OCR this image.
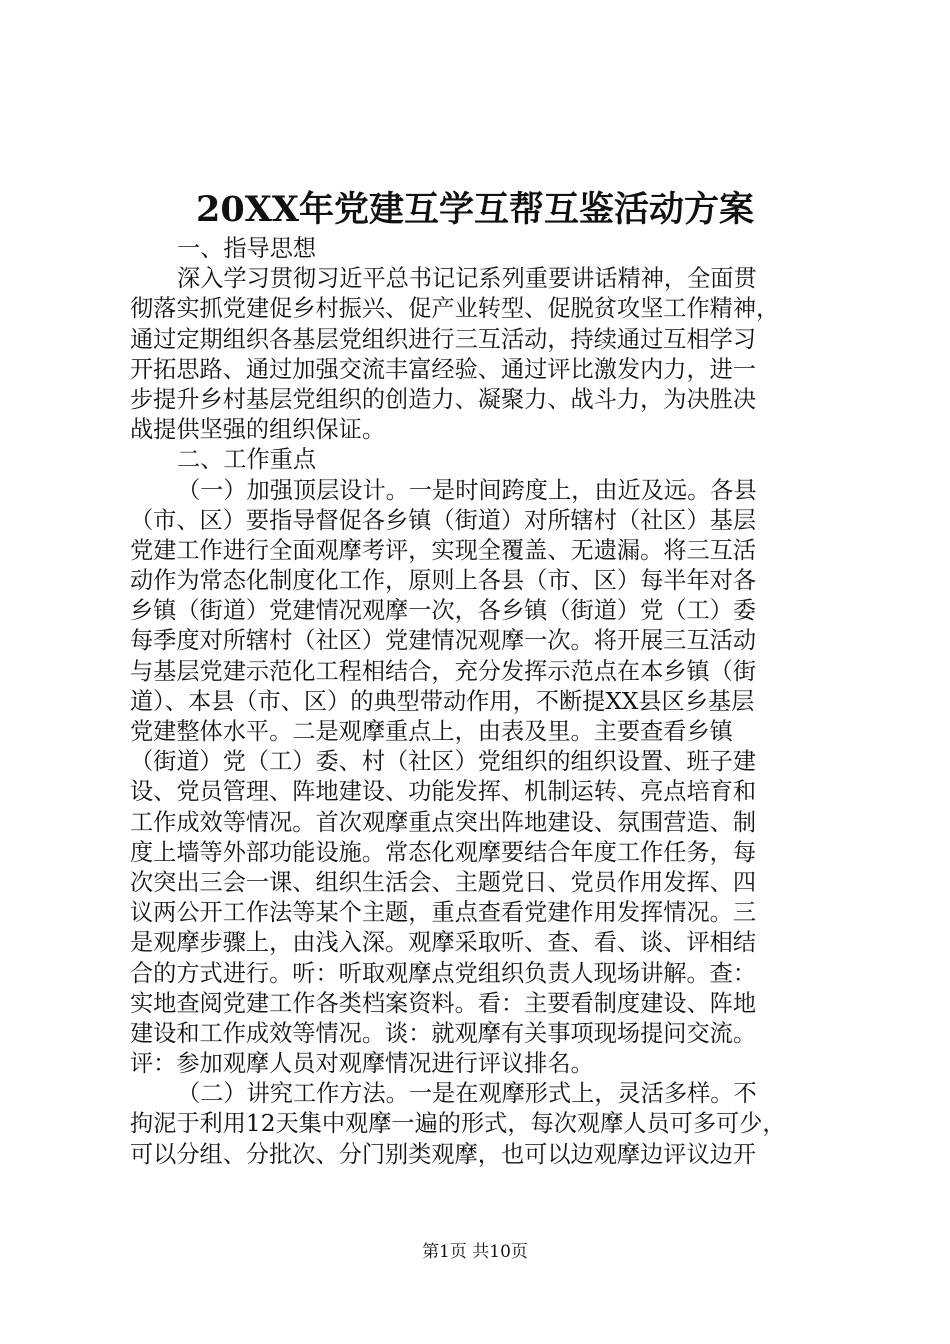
20XX年党建互学互帮互鉴活动方案
一、指导思想
深入学习贯彻习近平总书记记系列重要讲话精神，全面贯
彻落实抓党建促乡村振兴、促产业转型、促脱贫攻坚工作精神，
通过定期组织各基层党组织进行三互活动，持续通过互相学习
开拓思路、通过加强交流丰富经验、通过评比激发内力，进一
步提升乡村基层党组织的创造力、凝聚力、战斗力，为决胜决
战提供坚强的组织保证。
二、工作重点
（一）加强顶层设计。一是时间跨度上，由近及远。各县
（市、区）要指导督促各乡镇（街道）对所辖村（社区）基层
党建工作进行全面观摩考评，实现全覆盖、无遗漏。将三互活
动作为常态化制度化工作，原则上各县（市、区）每半年对各
乡镇（街道）党建情况观摩一次，各乡镇（街道）党（工）委
每季度对所辖村（社区）党建情况观摩一次。将开展三互活动
与基层党建示范化工程相结合，充分发挥示范点在本乡镇（街
道）、本县（市、区）的典型带动作用，不断提XX县区乡基层
党建整体水平。二是观摩重点上，由表及里。主要查看乡镇
（街道）党（工）委、村（社区）党组织的组织设置、班子建
设、党员管理、阵地建设、功能发挥、机制运转、亮点培育和
工作成效等情况。首次观摩重点突出阵地建设、氛围营造、制
度上墙等外部功能设施。常态化观摩要结合年度工作任务，每
次突出三会一课、组织生活会、主题党日、党员作用发挥、四
议两公开工作法等某个主题，重点查看党建作用发挥情况。三
是观摩步骤上，由浅入深。观摩采取听、查、看、谈、评相结
合的方式进行。听：听取观摩点党组织负责人现场讲解。查：
实地查阅党建工作各类档案资料。看：主要看制度建设、阵地
建设和工作成效等情况。谈：就观摩有关事项现场提问交流。
评：参加观摩人员对观摩情况进行评议排名。
（二）讲究工作方法。一是在观摩形式上，灵活多样。不
拘泥于利用12天集中观摩一遍的形式，每次观摩人员可多可少，
可以分组、分批次、分门别类观摩，也可以边观摩边评议边开
第1页 共10页
